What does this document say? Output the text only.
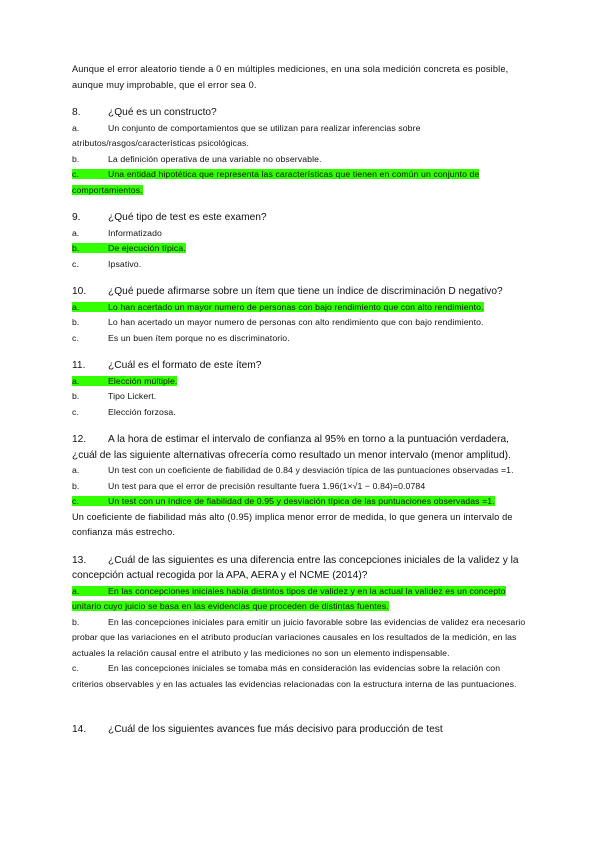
Aunque el error aleatorio tiende a 0 en múltiples mediciones, en una sola medición concreta es posible, aunque muy improbable, que el error sea 0.

8.	¿Qué es un constructo?

a.	Un conjunto de comportamientos que se utilizan para realizar inferencias sobre atributos/rasgos/características psicológicas.

b.	La definición operativa de una variable no observable.

c.	Una entidad hipotética que representa las características que tienen en común un conjunto de comportamientos.

9.	¿Qué tipo de test es este examen?

a.	Informatizado

b.	De ejecución típica.

c.	Ipsativo.

10. ¿Qué puede afirmarse sobre un ítem que tiene un índice de discriminación D negativo?

a.	Lo han acertado un mayor numero de personas con bajo rendimiento que con alto rendimiento.

b.	Lo han acertado un mayor numero de personas con alto rendimiento que con bajo rendimiento.

c.	Es un buen ítem porque no es discriminatorio.

11. ¿Cuál es el formato de este ítem?

a.	Elección múltiple.

b.	Tipo Lickert.

c.	Elección forzosa.

12. A la hora de estimar el intervalo de confianza al 95% en torno a la puntuación verdadera, ¿cuál de las siguiente alternativas ofrecería como resultado un menor intervalo (menor amplitud).

a.	Un test con un coeficiente de fiabilidad de 0.84 y desviación típica de las puntuaciones observadas =1.

b.	Un test para que el error de precisión resultante fuera 1.96(1×√1 − 0.84)=0.0784

c.	Un test con un índice de fiabilidad de 0.95 y desviación típica de las puntuaciones observadas =1.

Un coeficiente de fiabilidad más alto (0.95) implica menor error de medida, lo que genera un intervalo de confianza más estrecho.

13. ¿Cuál de las siguientes es una diferencia entre las concepciones iniciales de la validez y la concepción actual recogida por la APA, AERA y el NCME (2014)?

a.	En las concepciones iniciales había distintos tipos de validez y en la actual la validez es un concepto unitario cuyo juicio se basa en las evidencias que proceden de distintas fuentes.

b.	En las concepciones iniciales para emitir un juicio favorable sobre las evidencias de validez era necesario probar que las variaciones en el atributo producían variaciones causales en los resultados de la medición, en las actuales la relación causal entre el atributo y las mediciones no son un elemento indispensable.

c.	En las concepciones iniciales se tomaba más en consideración las evidencias sobre la relación con criterios observables y en las actuales las evidencias relacionadas con la estructura interna de las puntuaciones.

14. ¿Cuál de los siguientes avances fue más decisivo para producción de test
